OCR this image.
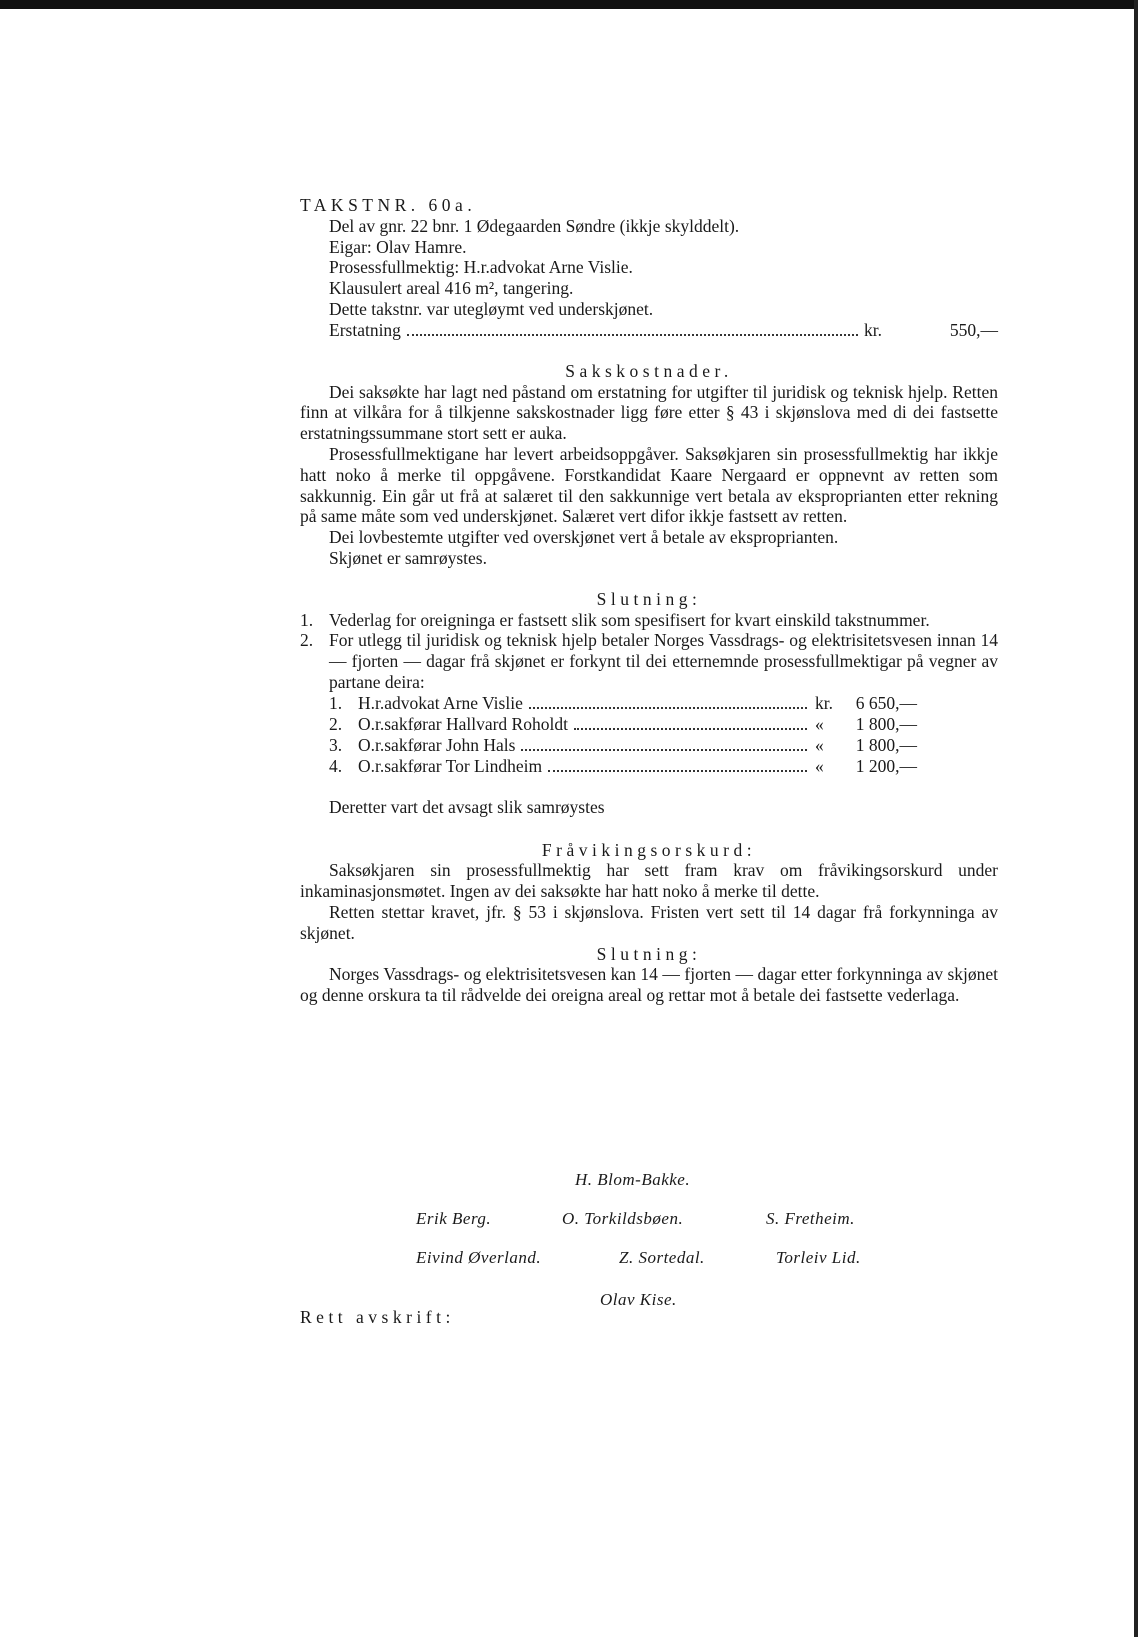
TAKSTNR. 60a.
Del av gnr. 22 bnr. 1 Ødegaarden Søndre (ikkje skylddelt).
Eigar: Olav Hamre.
Prosessfullmektig: H.r.advokat Arne Vislie.
Klausulert areal 416 m², tangering.
Dette takstnr. var utegløymt ved underskjønet.
Erstatning	kr.	550,—
Sakskostnader.
Dei saksøkte har lagt ned påstand om erstatning for utgifter til juridisk og teknisk hjelp. Retten finn at vilkåra for å tilkjenne sakskostnader ligg føre etter § 43 i skjønslova med di dei fastsette erstatningssummane stort sett er auka.
Prosessfullmektigane har levert arbeidsoppgåver. Saksøkjaren sin prosessfullmektig har ikkje hatt noko å merke til oppgåvene. Forstkandidat Kaare Nergaard er oppnevnt av retten som sakkunnig. Ein går ut frå at salæret til den sakkunnige vert betala av eksproprianten etter rekning på same måte som ved underskjønet. Salæret vert difor ikkje fastsett av retten.
Dei lovbestemte utgifter ved overskjønet vert å betale av eksproprianten.
Skjønet er samrøystes.
Slutning:
1. Vederlag for oreigninga er fastsett slik som spesifisert for kvart einskild takstnummer.
2. For utlegg til juridisk og teknisk hjelp betaler Norges Vassdrags- og elektrisitetsvesen innan 14 — fjorten — dagar frå skjønet er forkynt til dei etternemnde prosessfullmektigar på vegner av partane deira:
1. H.r.advokat Arne Vislie	kr.	6 650,—
2. O.r.sakførar Hallvard Roholdt	«	1 800,—
3. O.r.sakførar John Hals	«	1 800,—
4. O.r.sakførar Tor Lindheim	«	1 200,—
Deretter vart det avsagt slik samrøystes
Fråvikingsorskurd:
Saksøkjaren sin prosessfullmektig har sett fram krav om fråvikingsorskurd under inkaminasjonsmøtet. Ingen av dei saksøkte har hatt noko å merke til dette.
Retten stettar kravet, jfr. § 53 i skjønslova. Fristen vert sett til 14 dagar frå forkynninga av skjønet.
Slutning:
Norges Vassdrags- og elektrisitetsvesen kan 14 — fjorten — dagar etter forkynninga av skjønet og denne orskura ta til rådvelde dei oreigna areal og rettar mot å betale dei fastsette vederlaga.
H. Blom-Bakke.
Erik Berg.	O. Torkildsbøen.	S. Fretheim.
Eivind Øverland.	Z. Sortedal.	Torleiv Lid.
Olav Kise.
Rett avskrift:
